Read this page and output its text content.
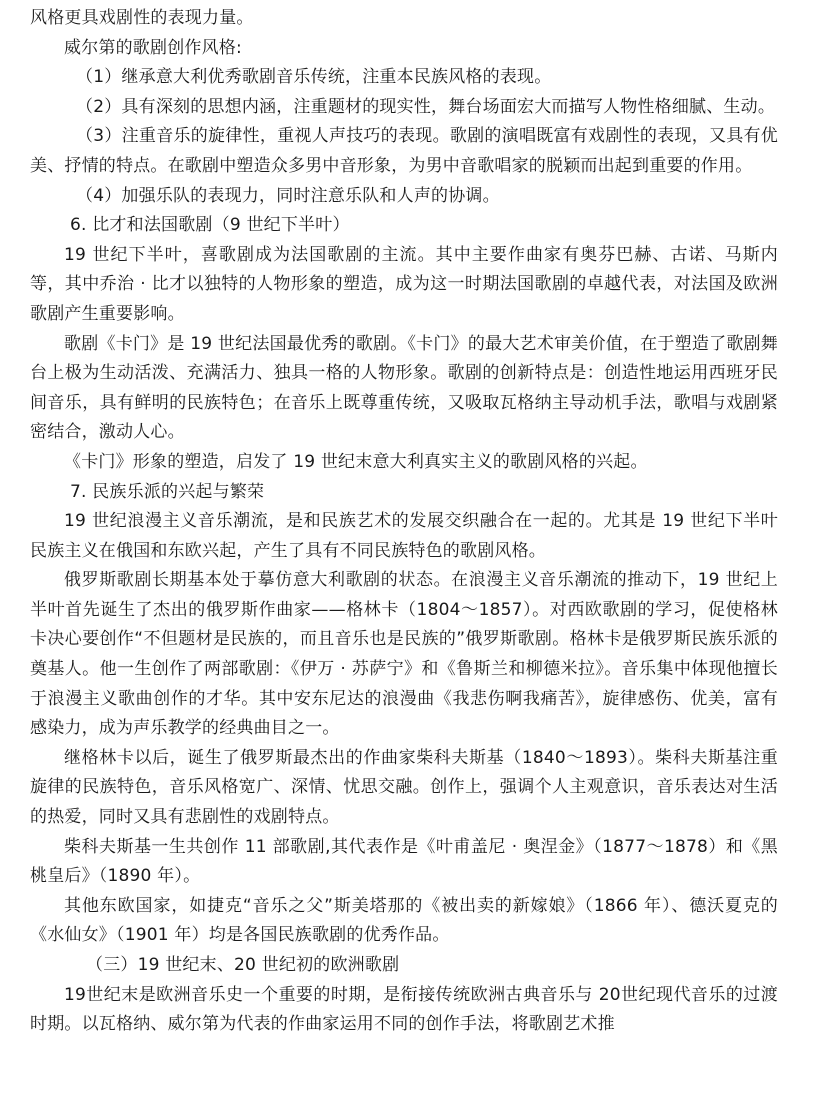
风格更具戏剧性的表现力量。

威尔第的歌剧创作风格:

（1）继承意大利优秀歌剧音乐传统，注重本民族风格的表现。

（2）具有深刻的思想内涵，注重题材的现实性，舞台场面宏大而描写人物性格细腻、生动。

（3）注重音乐的旋律性，重视人声技巧的表现。歌剧的演唱既富有戏剧性的表现，又具有优美、抒情的特点。在歌剧中塑造众多男中音形象，为男中音歌唱家的脱颖而出起到重要的作用。

（4）加强乐队的表现力，同时注意乐队和人声的协调。

6. 比才和法国歌剧（9 世纪下半叶）

19 世纪下半叶，喜歌剧成为法国歌剧的主流。其中主要作曲家有奥芬巴赫、古诺、马斯内等，其中乔治 · 比才以独特的人物形象的塑造，成为这一时期法国歌剧的卓越代表，对法国及欧洲歌剧产生重要影响。

歌剧《卡门》是 19 世纪法国最优秀的歌剧。《卡门》的最大艺术审美价值，在于塑造了歌剧舞台上极为生动活泼、充满活力、独具一格的人物形象。歌剧的创新特点是：创造性地运用西班牙民间音乐，具有鲜明的民族特色；在音乐上既尊重传统，又吸取瓦格纳主导动机手法，歌唱与戏剧紧密结合，激动人心。

《卡门》形象的塑造，启发了 19 世纪末意大利真实主义的歌剧风格的兴起。

7. 民族乐派的兴起与繁荣

19 世纪浪漫主义音乐潮流，是和民族艺术的发展交织融合在一起的。尤其是 19 世纪下半叶民族主义在俄国和东欧兴起，产生了具有不同民族特色的歌剧风格。

俄罗斯歌剧长期基本处于摹仿意大利歌剧的状态。在浪漫主义音乐潮流的推动下，19 世纪上半叶首先诞生了杰出的俄罗斯作曲家——格林卡（1804～1857）。对西欧歌剧的学习，促使格林卡决心要创作“不但题材是民族的，而且音乐也是民族的”俄罗斯歌剧。格林卡是俄罗斯民族乐派的奠基人。他一生创作了两部歌剧：《伊万 · 苏萨宁》和《鲁斯兰和柳德米拉》。音乐集中体现他擅长于浪漫主义歌曲创作的才华。其中安东尼达的浪漫曲《我悲伤啊我痛苦》，旋律感伤、优美，富有感染力，成为声乐教学的经典曲目之一。

继格林卡以后，诞生了俄罗斯最杰出的作曲家柴科夫斯基（1840～1893）。柴科夫斯基注重旋律的民族特色，音乐风格宽广、深情、忧思交融。创作上，强调个人主观意识，音乐表达对生活的热爱，同时又具有悲剧性的戏剧特点。

柴科夫斯基一生共创作 11 部歌剧,其代表作是《叶甫盖尼 · 奥涅金》（1877～1878）和《黑桃皇后》（1890 年）。

其他东欧国家，如捷克“音乐之父”斯美塔那的《被出卖的新嫁娘》（1866 年）、德沃夏克的《水仙女》（1901 年）均是各国民族歌剧的优秀作品。

（三）19 世纪末、20 世纪初的欧洲歌剧

19世纪末是欧洲音乐史一个重要的时期，是衔接传统欧洲古典音乐与 20世纪现代音乐的过渡时期。以瓦格纳、威尔第为代表的作曲家运用不同的创作手法，将歌剧艺术推
